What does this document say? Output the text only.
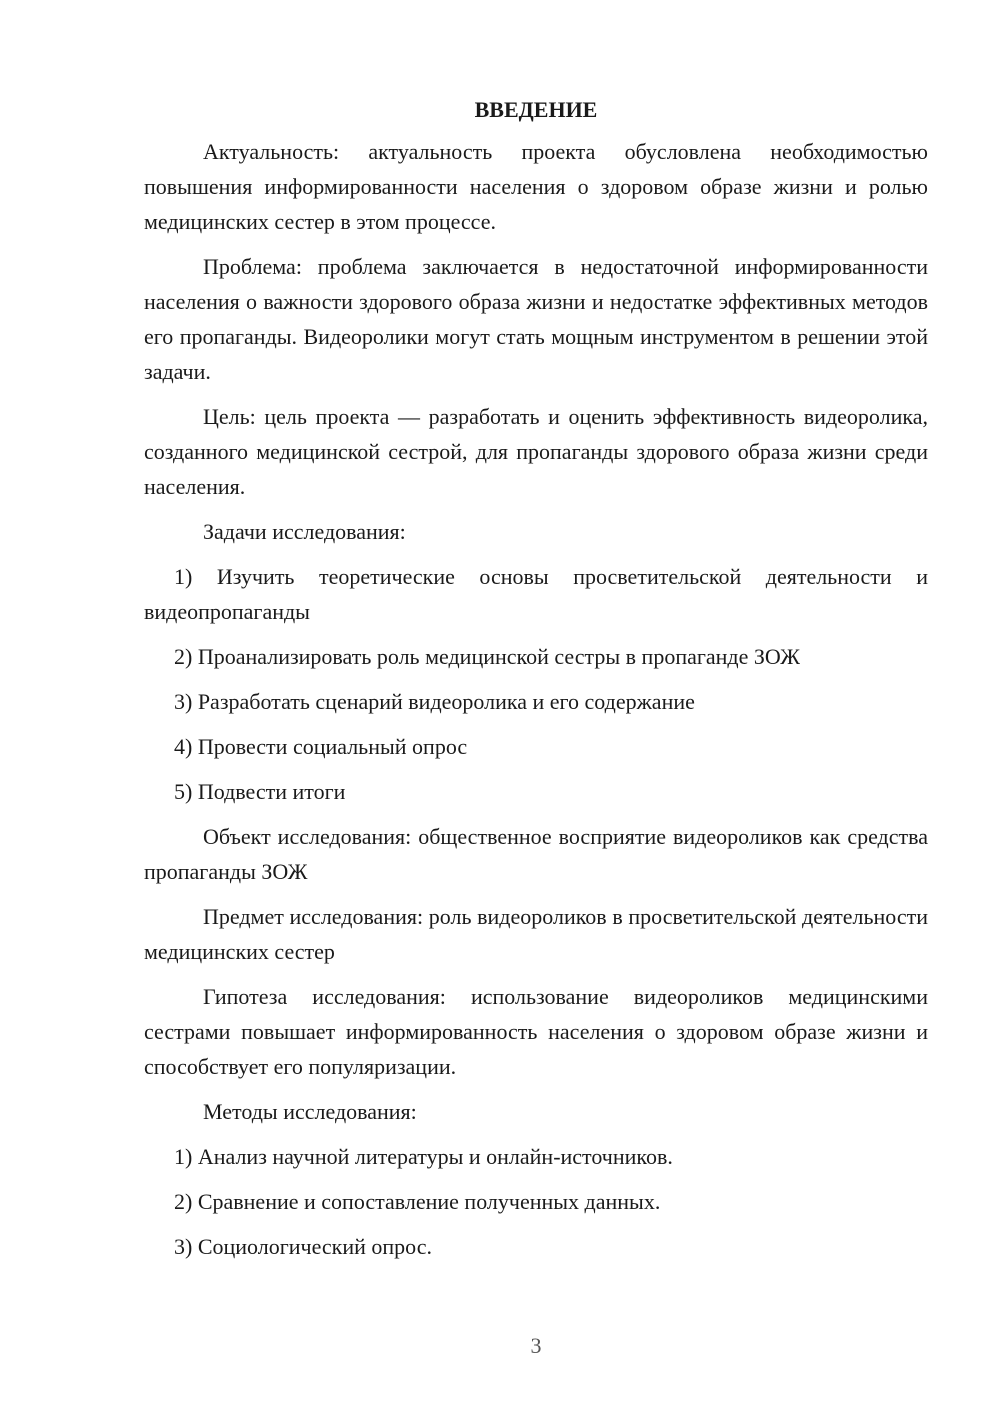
ВВЕДЕНИЕ

Актуальность: актуальность проекта обусловлена необходимостью повышения информированности населения о здоровом образе жизни и ролью медицинских сестер в этом процессе.

Проблема: проблема заключается в недостаточной информированности населения о важности здорового образа жизни и недостатке эффективных методов его пропаганды. Видеоролики могут стать мощным инструментом в решении этой задачи.

Цель: цель проекта — разработать и оценить эффективность видеоролика, созданного медицинской сестрой, для пропаганды здорового образа жизни среди населения.

Задачи исследования:

1) Изучить теоретические основы просветительской деятельности и видеопропаганды

2) Проанализировать роль медицинской сестры в пропаганде ЗОЖ

3) Разработать сценарий видеоролика и его содержание

4) Провести социальный опрос

5) Подвести итоги

Объект исследования: общественное восприятие видеороликов как средства пропаганды ЗОЖ

Предмет исследования: роль видеороликов в просветительской деятельности медицинских сестер

Гипотеза исследования: использование видеороликов медицинскими сестрами повышает информированность населения о здоровом образе жизни и способствует его популяризации.

Методы исследования:

1) Анализ научной литературы и онлайн-источников.

2) Сравнение и сопоставление полученных данных.

3) Социологический опрос.

3
